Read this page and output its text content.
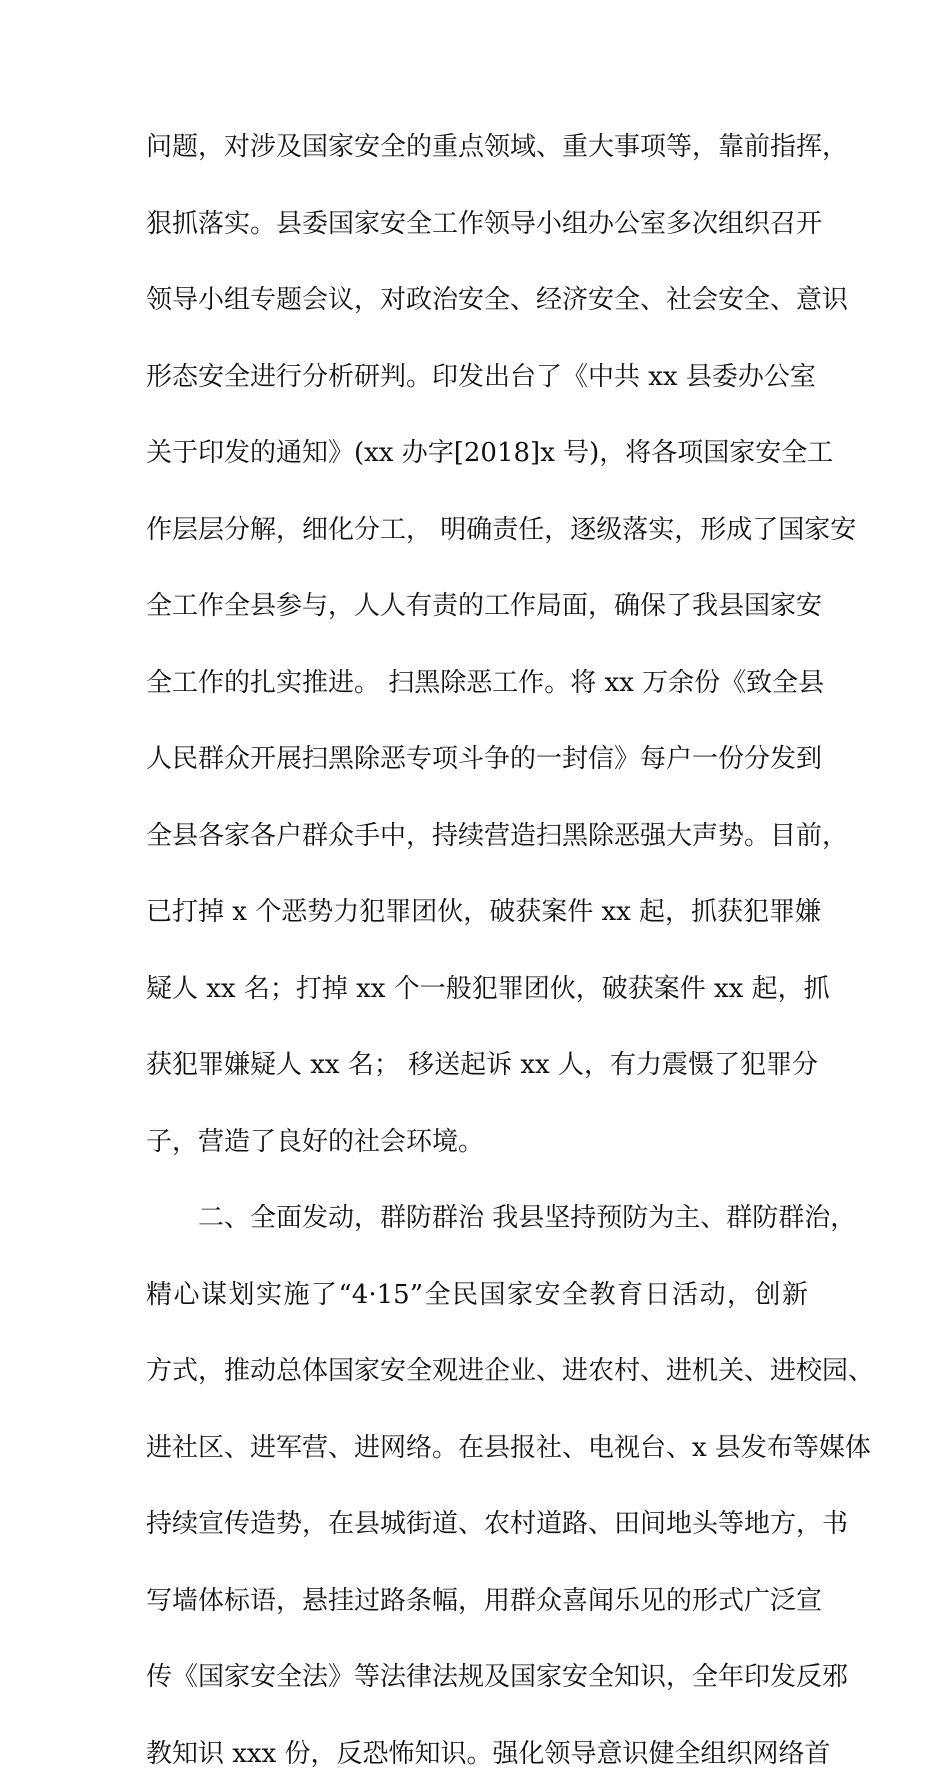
问题，对涉及国家安全的重点领域、重大事项等，靠前指挥，
狠抓落实。县委国家安全工作领导小组办公室多次组织召开
领导小组专题会议，对政治安全、经济安全、社会安全、意识
形态安全进行分析研判。印发出台了《中共 xx 县委办公室
关于印发的通知》(xx 办字[2018]x 号)，将各项国家安全工
作层层分解，细化分工， 明确责任，逐级落实，形成了国家安
全工作全县参与，人人有责的工作局面，确保了我县国家安
全工作的扎实推进。 扫黑除恶工作。将 xx 万余份《致全县
人民群众开展扫黑除恶专项斗争的一封信》每户一份分发到
全县各家各户群众手中，持续营造扫黑除恶强大声势。目前，
已打掉 x 个恶势力犯罪团伙，破获案件 xx 起，抓获犯罪嫌
疑人 xx 名；打掉 xx 个一般犯罪团伙，破获案件 xx 起，抓
获犯罪嫌疑人 xx 名； 移送起诉 xx 人，有力震慑了犯罪分
子，营造了良好的社会环境。
二、全面发动，群防群治 我县坚持预防为主、群防群治，
精心谋划实施了“4·15”全民国家安全教育日活动，创新
方式，推动总体国家安全观进企业、进农村、进机关、进校园、
进社区、进军营、进网络。在县报社、电视台、x 县发布等媒体
持续宣传造势，在县城街道、农村道路、田间地头等地方，书
写墙体标语，悬挂过路条幅，用群众喜闻乐见的形式广泛宣
传《国家安全法》等法律法规及国家安全知识，全年印发反邪
教知识 xxx 份，反恐怖知识。强化领导意识健全组织网络首
